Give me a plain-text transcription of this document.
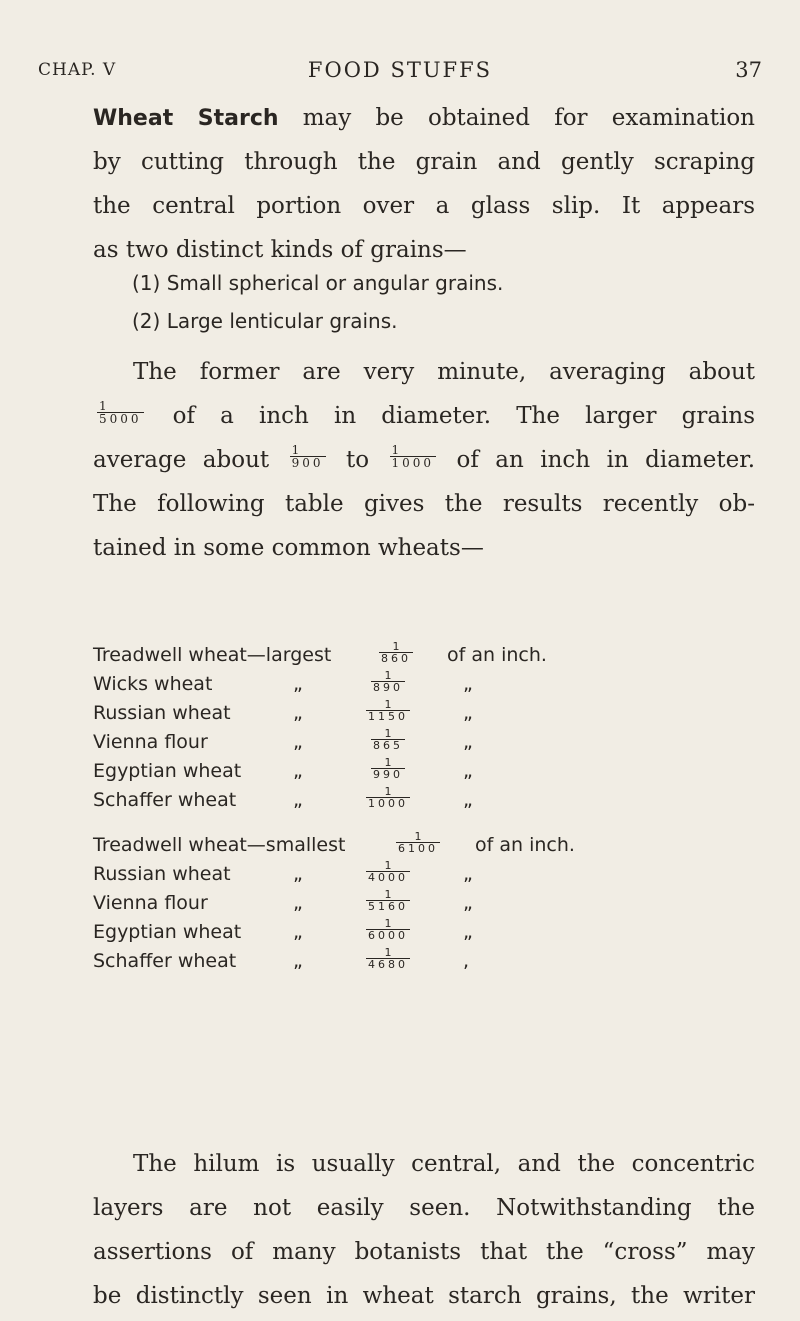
CHAP. V	FOOD STUFFS	37
Wheat Starch may be obtained for examination
by cutting through the grain and gently scraping
the central portion over a glass slip. It appears
as two distinct kinds of grains—
(1) Small spherical or angular grains.
(2) Large lenticular grains.
The former are very minute, averaging about
$\frac{1}{5000}$ of a inch in diameter. The larger grains
average about $\frac{1}{900}$ to $\frac{1}{1000}$ of an inch in diameter.
The following table gives the results recently ob-
tained in some common wheats—
Treadwell wheat—largest	$\frac{1}{860}$ of an inch.
Wicks wheat	„	$\frac{1}{890}$	„
Russian wheat	„	$\frac{1}{1150}$	„
Vienna flour	„	$\frac{1}{865}$	„
Egyptian wheat	„	$\frac{1}{990}$	„
Schaffer wheat	„	$\frac{1}{1000}$	„
Treadwell wheat—smallest	$\frac{1}{6100}$ of an inch.
Russian wheat	„	$\frac{1}{4000}$	„
Vienna flour	„	$\frac{1}{5160}$	„
Egyptian wheat	„	$\frac{1}{6000}$	„
Schaffer wheat	„	$\frac{1}{4680}$	,
The hilum is usually central, and the concentric
layers are not easily seen. Notwithstanding the
assertions of many botanists that the “cross” may
be distinctly seen in wheat starch grains, the writer
